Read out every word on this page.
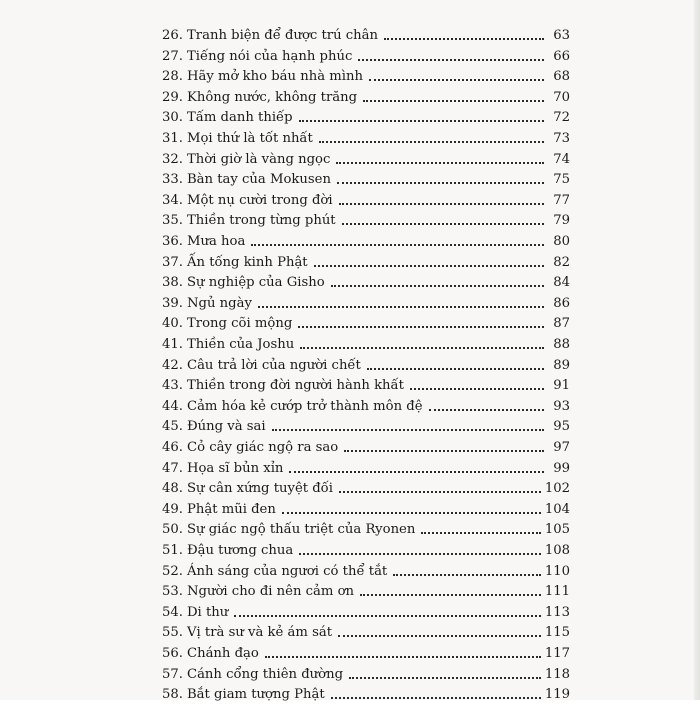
26. Tranh biện để được trú chân	63
27. Tiếng nói của hạnh phúc	66
28. Hãy mở kho báu nhà mình	68
29. Không nước, không trăng	70
30. Tấm danh thiếp	72
31. Mọi thứ là tốt nhất	73
32. Thời giờ là vàng ngọc	74
33. Bàn tay của Mokusen	75
34. Một nụ cười trong đời	77
35. Thiền trong từng phút	79
36. Mưa hoa	80
37. Ấn tống kinh Phật	82
38. Sự nghiệp của Gisho	84
39. Ngủ ngày	86
40. Trong cõi mộng	87
41. Thiền của Joshu	88
42. Câu trả lời của người chết	89
43. Thiền trong đời người hành khất	91
44. Cảm hóa kẻ cướp trở thành môn đệ	93
45. Đúng và sai	95
46. Cỏ cây giác ngộ ra sao	97
47. Họa sĩ bủn xỉn	99
48. Sự cân xứng tuyệt đối	102
49. Phật mũi đen	104
50. Sự giác ngộ thấu triệt của Ryonen	105
51. Đậu tương chua	108
52. Ánh sáng của ngươi có thể tắt	110
53. Người cho đi nên cảm ơn	111
54. Di thư	113
55. Vị trà sư và kẻ ám sát	115
56. Chánh đạo	117
57. Cánh cổng thiên đường	118
58. Bắt giam tượng Phật	119
